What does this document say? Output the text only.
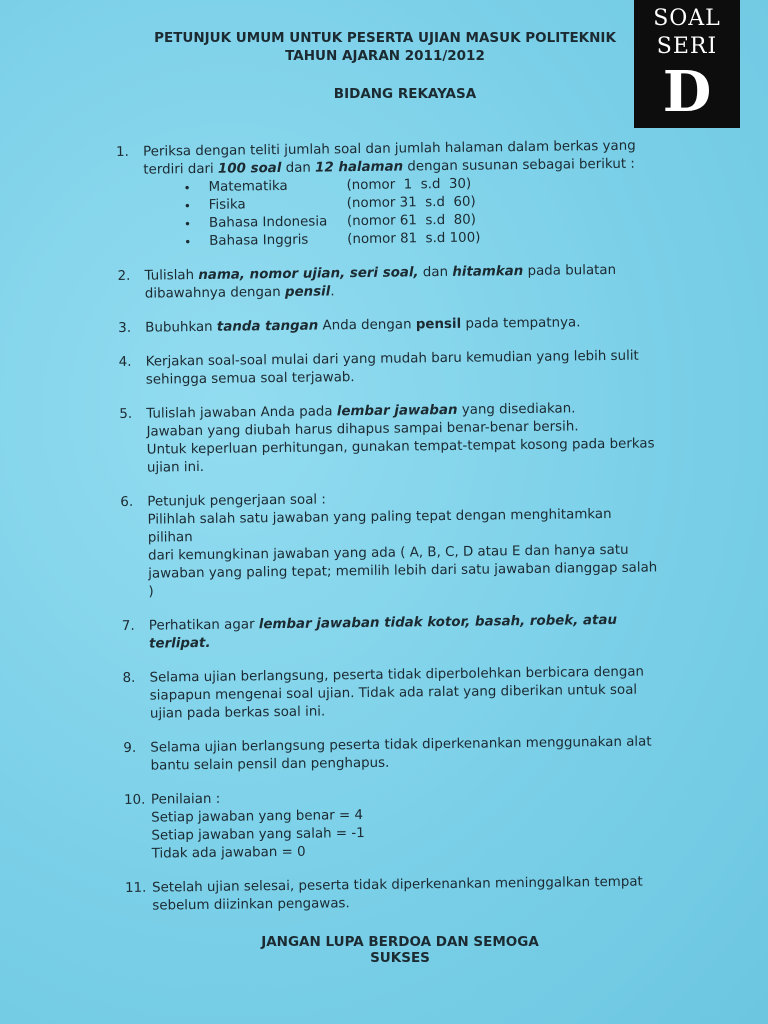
SOAL
SERI
D
PETUNJUK UMUM UNTUK PESERTA UJIAN MASUK POLITEKNIK
TAHUN AJARAN 2011/2012
BIDANG REKAYASA
1. Periksa dengan teliti jumlah soal dan jumlah halaman dalam berkas yang
terdiri dari 100 soal dan 12 halaman dengan susunan sebagai berikut :
• Matematika	(nomor  1  s.d  30)
• Fisika	(nomor 31  s.d  60)
• Bahasa Indonesia (nomor 61  s.d  80)
• Bahasa Inggris	(nomor 81  s.d 100)
2. Tulislah nama, nomor ujian, seri soal, dan hitamkan pada bulatan
dibawahnya dengan pensil.
3. Bubuhkan tanda tangan Anda dengan pensil pada tempatnya.
4. Kerjakan soal-soal mulai dari yang mudah baru kemudian yang lebih sulit
sehingga semua soal terjawab.
5. Tulislah jawaban Anda pada lembar jawaban yang disediakan.
Jawaban yang diubah harus dihapus sampai benar-benar bersih.
Untuk keperluan perhitungan, gunakan tempat-tempat kosong pada berkas
ujian ini.
6. Petunjuk pengerjaan soal :
Pilihlah salah satu jawaban yang paling tepat dengan menghitamkan pilihan
dari kemungkinan jawaban yang ada ( A, B, C, D atau E dan hanya satu
jawaban yang paling tepat; memilih lebih dari satu jawaban dianggap salah )
7. Perhatikan agar lembar jawaban tidak kotor, basah, robek, atau terlipat.
8. Selama ujian berlangsung, peserta tidak diperbolehkan berbicara dengan
siapapun mengenai soal ujian. Tidak ada ralat yang diberikan untuk soal
ujian pada berkas soal ini.
9. Selama ujian berlangsung peserta tidak diperkenankan menggunakan alat
bantu selain pensil dan penghapus.
10. Penilaian :
Setiap jawaban yang benar = 4
Setiap jawaban yang salah = -1
Tidak ada jawaban = 0
11. Setelah ujian selesai, peserta tidak diperkenankan meninggalkan tempat
sebelum diizinkan pengawas.
JANGAN LUPA BERDOA DAN SEMOGA SUKSES
